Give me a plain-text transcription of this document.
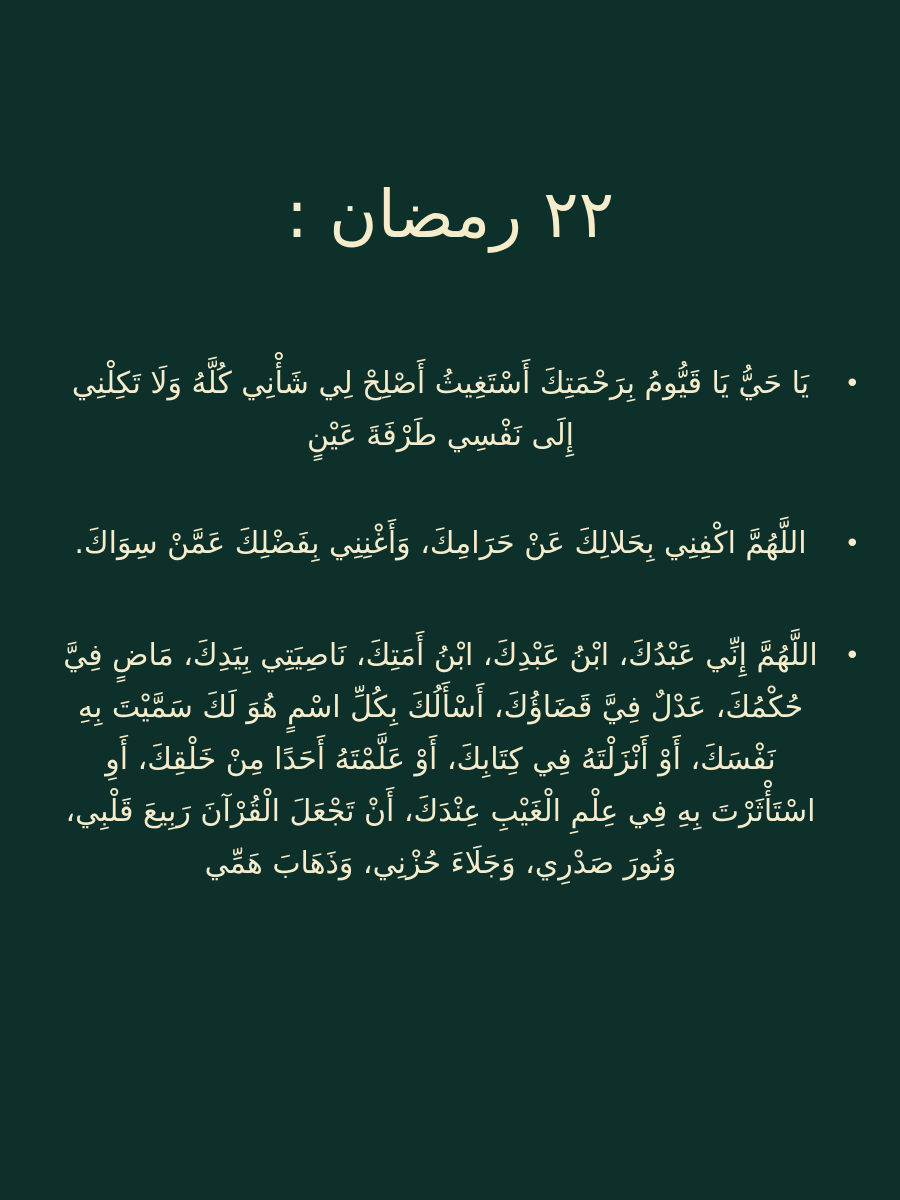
٢٢ رمضان :
•
يَا حَيُّ يَا قَيُّومُ بِرَحْمَتِكَ أَسْتَغِيثُ أَصْلِحْ لِي شَأْنِي كُلَّهُ وَلَا تَكِلْنِي إِلَى نَفْسِي طَرْفَةَ عَيْنٍ
•
اللَّهُمَّ اكْفِنِي بِحَلالِكَ عَنْ حَرَامِكَ، وَأَغْنِنِي بِفَضْلِكَ عَمَّنْ سِوَاكَ.
•
اللَّهُمَّ إِنِّي عَبْدُكَ، ابْنُ عَبْدِكَ، ابْنُ أَمَتِكَ، نَاصِيَتِي بِيَدِكَ، مَاضٍ فِيَّ حُكْمُكَ، عَدْلٌ فِيَّ قَضَاؤُكَ، أَسْأَلُكَ بِكُلِّ اسْمٍ هُوَ لَكَ سَمَّيْتَ بِهِ نَفْسَكَ، أَوْ أَنْزَلْتَهُ فِي كِتَابِكَ، أَوْ عَلَّمْتَهُ أَحَدًا مِنْ خَلْقِكَ، أَوِ اسْتَأْثَرْتَ بِهِ فِي عِلْمِ الْغَيْبِ عِنْدَكَ، أَنْ تَجْعَلَ الْقُرْآنَ رَبِيعَ قَلْبِي، وَنُورَ صَدْرِي، وَجَلَاءَ حُزْنِي، وَذَهَابَ هَمِّي
